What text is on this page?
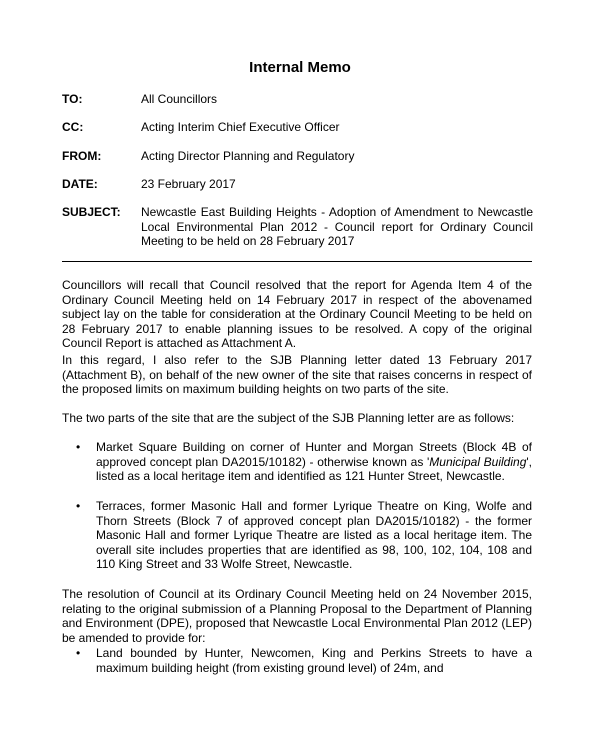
Internal Memo
TO:	All Councillors
CC:	Acting Interim Chief Executive Officer
FROM:	Acting Director Planning and Regulatory
DATE:	23 February 2017
SUBJECT: Newcastle East Building Heights - Adoption of Amendment to Newcastle Local Environmental Plan 2012 - Council report for Ordinary Council Meeting to be held on 28 February 2017

Councillors will recall that Council resolved that the report for Agenda Item 4 of the Ordinary Council Meeting held on 14 February 2017 in respect of the abovenamed subject lay on the table for consideration at the Ordinary Council Meeting to be held on 28 February 2017 to enable planning issues to be resolved. A copy of the original Council Report is attached as Attachment A.

In this regard, I also refer to the SJB Planning letter dated 13 February 2017 (Attachment B), on behalf of the new owner of the site that raises concerns in respect of the proposed limits on maximum building heights on two parts of the site.

The two parts of the site that are the subject of the SJB Planning letter are as follows:

• Market Square Building on corner of Hunter and Morgan Streets (Block 4B of approved concept plan DA2015/10182) - otherwise known as 'Municipal Building', listed as a local heritage item and identified as 121 Hunter Street, Newcastle.
• Terraces, former Masonic Hall and former Lyrique Theatre on King, Wolfe and Thorn Streets (Block 7 of approved concept plan DA2015/10182) - the former Masonic Hall and former Lyrique Theatre are listed as a local heritage item. The overall site includes properties that are identified as 98, 100, 102, 104, 108 and 110 King Street and 33 Wolfe Street, Newcastle.

The resolution of Council at its Ordinary Council Meeting held on 24 November 2015, relating to the original submission of a Planning Proposal to the Department of Planning and Environment (DPE), proposed that Newcastle Local Environmental Plan 2012 (LEP) be amended to provide for:

• Land bounded by Hunter, Newcomen, King and Perkins Streets to have a maximum building height (from existing ground level) of 24m, and
